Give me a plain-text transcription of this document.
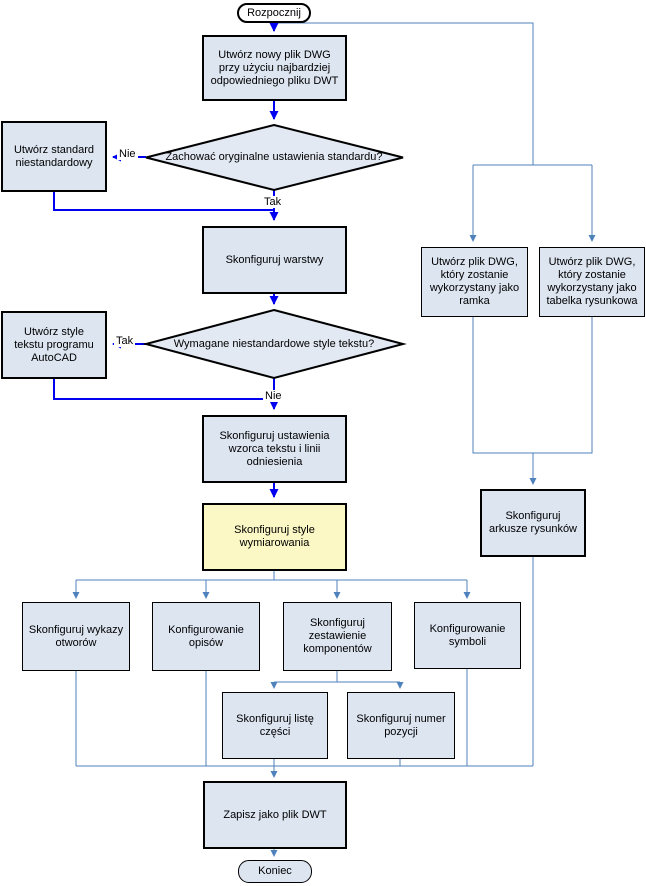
Rozpocznij
Utwórz nowy plik DWG przy użyciu najbardziej odpowiedniego pliku DWT
Zachować oryginalne ustawienia standardu?
Utwórz standard niestandardowy
Skonfiguruj warstwy
Wymagane niestandardowe style tekstu?
Utwórz style tekstu programu AutoCAD
Skonfiguruj ustawienia wzorca tekstu i linii odniesienia
Skonfiguruj style wymiarowania
Skonfiguruj wykazy otworów
Konfigurowanie opisów
Skonfiguruj zestawienie komponentów
Konfigurowanie symboli
Skonfiguruj listę części
Skonfiguruj numer pozycji
Utwórz plik DWG, który zostanie wykorzystany jako ramka
Utwórz plik DWG, który zostanie wykorzystany jako tabelka rysunkowa
Skonfiguruj arkusze rysunków
Zapisz jako plik DWT
Koniec
Nie
Tak
Tak
Nie
